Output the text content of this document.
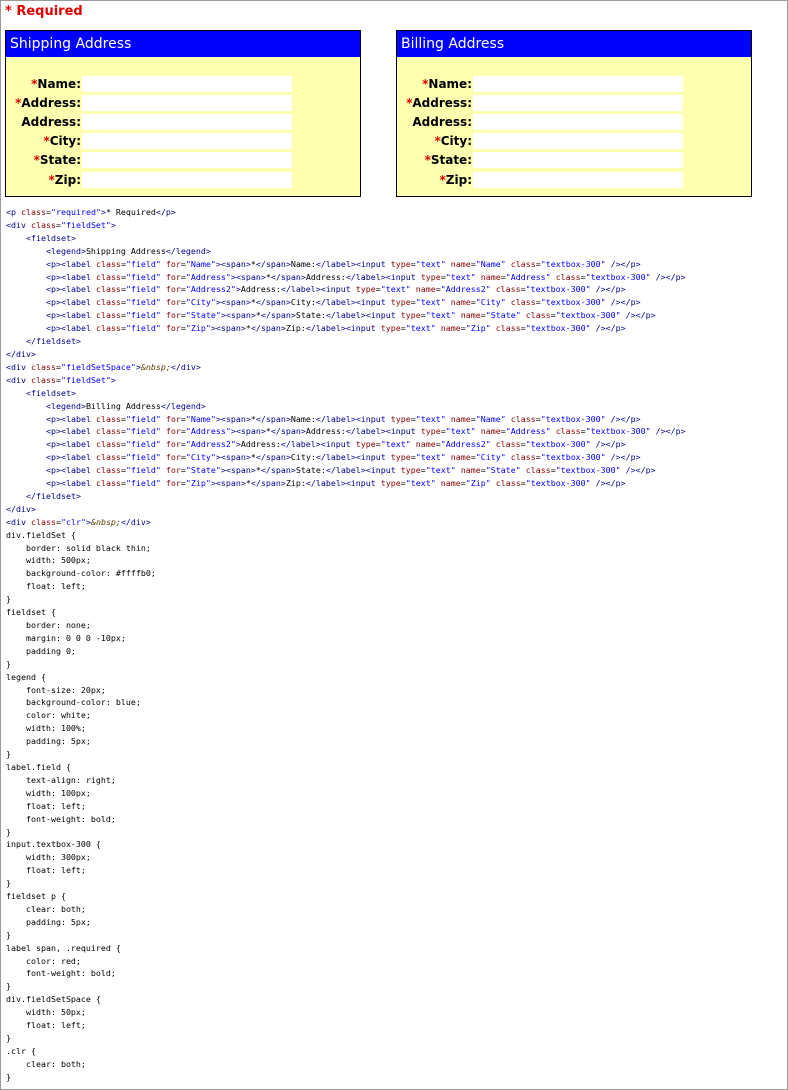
* Required

Shipping Address
*Name:
*Address:
Address:
*City:
*State:
*Zip:
Billing Address
*Name:
*Address:
Address:
*City:
*State:
*Zip:
<p class="required">* Required</p>
<div class="fieldSet">
<fieldset>
<legend>Shipping Address</legend>
<p><label class="field" for="Name"><span>*</span>Name:</label><input type="text" name="Name" class="textbox-300" /></p>
<p><label class="field" for="Address"><span>*</span>Address:</label><input type="text" name="Address" class="textbox-300" /></p>
<p><label class="field" for="Address2">Address:</label><input type="text" name="Address2" class="textbox-300" /></p>
<p><label class="field" for="City"><span>*</span>City:</label><input type="text" name="City" class="textbox-300" /></p>
<p><label class="field" for="State"><span>*</span>State:</label><input type="text" name="State" class="textbox-300" /></p>
<p><label class="field" for="Zip"><span>*</span>Zip:</label><input type="text" name="Zip" class="textbox-300" /></p>
</fieldset>
</div>
<div class="fieldSetSpace">&nbsp;</div>
<div class="fieldSet">
<fieldset>
<legend>Billing Address</legend>
<p><label class="field" for="Name"><span>*</span>Name:</label><input type="text" name="Name" class="textbox-300" /></p>
<p><label class="field" for="Address"><span>*</span>Address:</label><input type="text" name="Address" class="textbox-300" /></p>
<p><label class="field" for="Address2">Address:</label><input type="text" name="Address2" class="textbox-300" /></p>
<p><label class="field" for="City"><span>*</span>City:</label><input type="text" name="City" class="textbox-300" /></p>
<p><label class="field" for="State"><span>*</span>State:</label><input type="text" name="State" class="textbox-300" /></p>
<p><label class="field" for="Zip"><span>*</span>Zip:</label><input type="text" name="Zip" class="textbox-300" /></p>
</fieldset>
</div>
<div class="clr">&nbsp;</div>
div.fieldSet {
border: solid black thin;
width: 500px;
background-color: #ffffb0;
float: left;
}
fieldset {
border: none;
margin: 0 0 0 -10px;
padding 0;
}
legend {
font-size: 20px;
background-color: blue;
color: white;
width: 100%;
padding: 5px;
}
label.field {
text-align: right;
width: 100px;
float: left;
font-weight: bold;
}
input.textbox-300 {
width: 300px;
float: left;
}
fieldset p {
clear: both;
padding: 5px;
}
label span, .required {
color: red;
font-weight: bold;
}
div.fieldSetSpace {
width: 50px;
float: left;
}
.clr {
clear: both;
}
